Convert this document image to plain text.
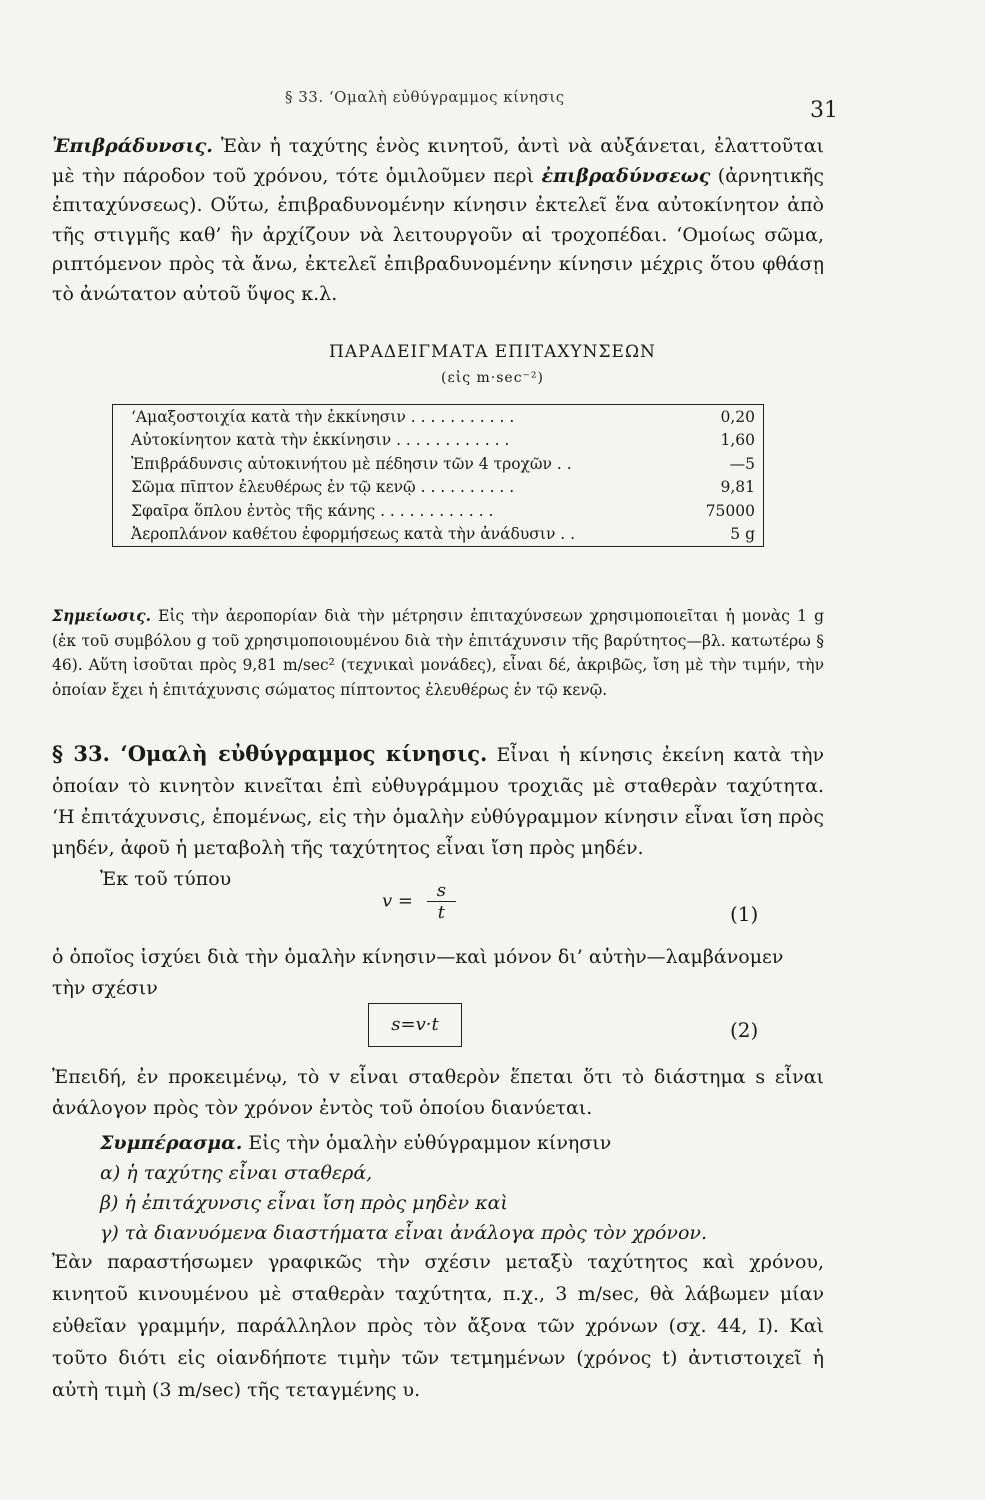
§ 33. ‘Ομαλὴ εὐθύγραμμος κίνησις
31
Ἐπιβράδυνσις. Ἐὰν ἡ ταχύτης ἑνὸς κινητοῦ, ἀντὶ νὰ αὐξάνεται, ἐλαττοῦται μὲ τὴν πάροδον τοῦ χρόνου, τότε ὁμιλοῦμεν περὶ ἐπιβραδύνσεως (ἀρνητικῆς ἐπιταχύνσεως). Οὕτω, ἐπιβραδυνομένην κίνησιν ἐκτελεῖ ἕνα αὐτοκίνητον ἀπὸ τῆς στιγμῆς καθ’ ἣν ἀρχίζουν νὰ λειτουργοῦν αἱ τροχοπέδαι. ‘Ομοίως σῶμα, ριπτόμενον πρὸς τὰ ἄνω, ἐκτελεῖ ἐπιβραδυνομένην κίνησιν μέχρις ὅτου φθάσῃ τὸ ἀνώτατον αὐτοῦ ὕψος κ.λ.
ΠΑΡΑΔΕΙΓΜΑΤΑ ΕΠΙΤΑΧΥΝΣΕΩΝ
(εἰς m·sec⁻²)
‘Αμαξοστοιχία κατὰ τὴν ἐκκίνησιν . . . . . . . . . . .	0,20
Αὐτοκίνητον κατὰ τὴν ἐκκίνησιν . . . . . . . . . . . .	1,60
Ἐπιβράδυνσις αὐτοκινήτου μὲ πέδησιν τῶν 4 τροχῶν . .	—5
Σῶμα πῖπτον ἐλευθέρως ἐν τῷ κενῷ . . . . . . . . . .	9,81
Σφαῖρα ὅπλου ἐντὸς τῆς κάνης . . . . . . . . . . . .	75000
Ἀεροπλάνον καθέτου ἐφορμήσεως κατὰ τὴν ἀνάδυσιν . .	5 g
Σημείωσις. Εἰς τὴν ἀεροπορίαν διὰ τὴν μέτρησιν ἐπιταχύνσεων χρησιμοποιεῖται ἡ μονὰς 1 g (ἐκ τοῦ συμβόλου g τοῦ χρησιμοποιουμένου διὰ τὴν ἐπιτάχυνσιν τῆς βαρύτητος—βλ. κατωτέρω § 46). Αὕτη ἰσοῦται πρὸς 9,81 m/sec² (τεχνικαὶ μονάδες), εἶναι δέ, ἀκριβῶς, ἴση μὲ τὴν τιμήν, τὴν ὁποίαν ἔχει ἡ ἐπιτάχυνσις σώματος πίπτοντος ἐλευθέρως ἐν τῷ κενῷ.
§ 33. ‘Ομαλὴ εὐθύγραμμος κίνησις. Εἶναι ἡ κίνησις ἐκείνη κατὰ τὴν ὁποίαν τὸ κινητὸν κινεῖται ἐπὶ εὐθυγράμμου τροχιᾶς μὲ σταθερὰν ταχύτητα. ‘Η ἐπιτάχυνσις, ἑπομένως, εἰς τὴν ὁμαλὴν εὐθύγραμμον κίνησιν εἶναι ἴση πρὸς μηδέν, ἀφοῦ ἡ μεταβολὴ τῆς ταχύτητος εἶναι ἴση πρὸς μηδέν.
Ἐκ τοῦ τύπου
$v = \frac{s}{t}$	(1)
ὁ ὁποῖος ἰσχύει διὰ τὴν ὁμαλὴν κίνησιν—καὶ μόνον δι’ αὐτὴν—λαμβάνομεν
τὴν σχέσιν
s=v·t	(2)
Ἐπειδή, ἐν προκειμένῳ, τὸ v εἶναι σταθερὸν ἕπεται ὅτι τὸ διάστημα s εἶναι ἀνάλογον πρὸς τὸν χρόνον ἐντὸς τοῦ ὁποίου διανύεται.
Συμπέρασμα. Εἰς τὴν ὁμαλὴν εὐθύγραμμον κίνησιν
α) ἡ ταχύτης εἶναι σταθερά,
β) ἡ ἐπιτάχυνσις εἶναι ἴση πρὸς μηδὲν καὶ
γ) τὰ διανυόμενα διαστήματα εἶναι ἀνάλογα πρὸς τὸν χρόνον.
Ἐὰν παραστήσωμεν γραφικῶς τὴν σχέσιν μεταξὺ ταχύτητος καὶ χρόνου, κινητοῦ κινουμένου μὲ σταθερὰν ταχύτητα, π.χ., 3 m/sec, θὰ λάβωμεν μίαν εὐθεῖαν γραμμήν, παράλληλον πρὸς τὸν ἄξονα τῶν χρόνων (σχ. 44, I). Καὶ τοῦτο διότι εἰς οἱανδήποτε τιμὴν τῶν τετμημένων (χρόνος t) ἀντιστοιχεῖ ἡ αὐτὴ τιμὴ (3 m/sec) τῆς τεταγμένης υ.
